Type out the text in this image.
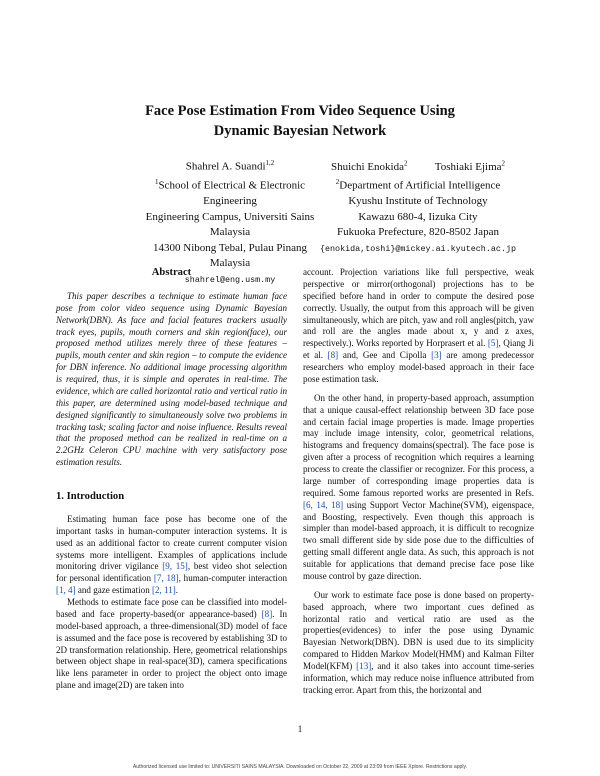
Face Pose Estimation From Video Sequence Using
Dynamic Bayesian Network
Shahrel A. Suandi$^{1,2}$
$^1$School of Electrical & Electronic Engineering
Engineering Campus, Universiti Sains Malaysia
14300 Nibong Tebal, Pulau Pinang
Malaysia
shahrel@eng.usm.my
Shuichi Enokida$^2$ Toshiaki Ejima$^2$
$^2$Department of Artificial Intelligence
Kyushu Institute of Technology
Kawazu 680-4, Iizuka City
Fukuoka Prefecture, 820-8502 Japan
{enokida,toshi}@mickey.ai.kyutech.ac.jp
Abstract

This paper describes a technique to estimate human face pose from color video sequence using Dynamic Bayesian Network(DBN). As face and facial features trackers usually track eyes, pupils, mouth corners and skin region(face), our proposed method utilizes merely three of these features – pupils, mouth center and skin region – to compute the evidence for DBN inference. No additional image processing algorithm is required, thus, it is simple and operates in real-time. The evidence, which are called horizontal ratio and vertical ratio in this paper, are determined using model-based technique and designed significantly to simultaneously solve two problems in tracking task; scaling factor and noise influence. Results reveal that the proposed method can be realized in real-time on a 2.2GHz Celeron CPU machine with very satisfactory pose estimation results.

1. Introduction

Estimating human face pose has become one of the important tasks in human-computer interaction systems. It is used as an additional factor to create current computer vision systems more intelligent. Examples of applications include monitoring driver vigilance [9, 15], best video shot selection for personal identification [7, 18], human-computer interaction [1, 4] and gaze estimation [2, 11].

Methods to estimate face pose can be classified into model-based and face property-based(or appearance-based) [8]. In model-based approach, a three-dimensional(3D) model of face is assumed and the face pose is recovered by establishing 3D to 2D transformation relationship. Here, geometrical relationships between object shape in real-space(3D), camera specifications like lens parameter in order to project the object onto image plane and image(2D) are taken into

account. Projection variations like full perspective, weak perspective or mirror(orthogonal) projections has to be specified before hand in order to compute the desired pose correctly. Usually, the output from this approach will be given simultaneously, which are pitch, yaw and roll angles(pitch, yaw and roll are the angles made about x, y and z axes, respectively.). Works reported by Horprasert et al. [5], Qiang Ji et al. [8] and, Gee and Cipolla [3] are among predecessor researchers who employ model-based approach in their face pose estimation task.

On the other hand, in property-based approach, assumption that a unique causal-effect relationship between 3D face pose and certain facial image properties is made. Image properties may include image intensity, color, geometrical relations, histograms and frequency domains(spectral). The face pose is given after a process of recognition which requires a learning process to create the classifier or recognizer. For this process, a large number of corresponding image properties data is required. Some famous reported works are presented in Refs. [6, 14, 18] using Support Vector Machine(SVM), eigenspace, and Boosting, respectively. Even though this approach is simpler than model-based approach, it is difficult to recognize two small different side by side pose due to the difficulties of getting small different angle data. As such, this approach is not suitable for applications that demand precise face pose like mouse control by gaze direction.

Our work to estimate face pose is done based on property-based approach, where two important cues defined as horizontal ratio and vertical ratio are used as the properties(evidences) to infer the pose using Dynamic Bayesian Network(DBN). DBN is used due to its simplicity compared to Hidden Markov Model(HMM) and Kalman Filter Model(KFM) [13], and it also takes into account time-series information, which may reduce noise influence attributed from tracking error. Apart from this, the horizontal and

1
Authorized licensed use limited to: UNIVERSITI SAINS MALAYSIA. Downloaded on October 22, 2009 at 23:09 from IEEE Xplore. Restrictions apply.
